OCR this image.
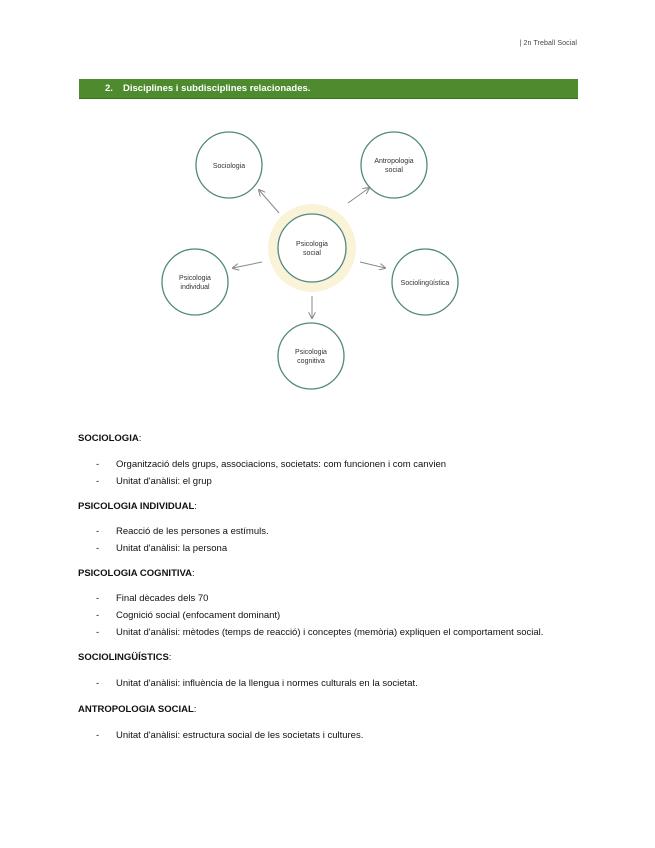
| 2n Treball Social
2. Disciplines i subdisciplines relacionades.
Psicologia
social
Sociologia
Antropologia
social
Psicologia
individual
Sociolingüística
Psicologia
cognitiva

SOCIOLOGIA:

- Organització dels grups, associacions, societats: com funcionen i com canvien
- Unitat d'anàlisi: el grup

PSICOLOGIA INDIVIDUAL:

- Reacció de les persones a estímuls.
- Unitat d'anàlisi: la persona

PSICOLOGIA COGNITIVA:

- Final dècades dels 70
- Cognició social (enfocament dominant)
- Unitat d'anàlisi: mètodes (temps de reacció) i conceptes (memòria) expliquen el comportament social.

SOCIOLINGÜÍSTICS:

- Unitat d'anàlisi: influència de la llengua i normes culturals en la societat.

ANTROPOLOGIA SOCIAL:

- Unitat d'anàlisi: estructura social de les societats i cultures.
